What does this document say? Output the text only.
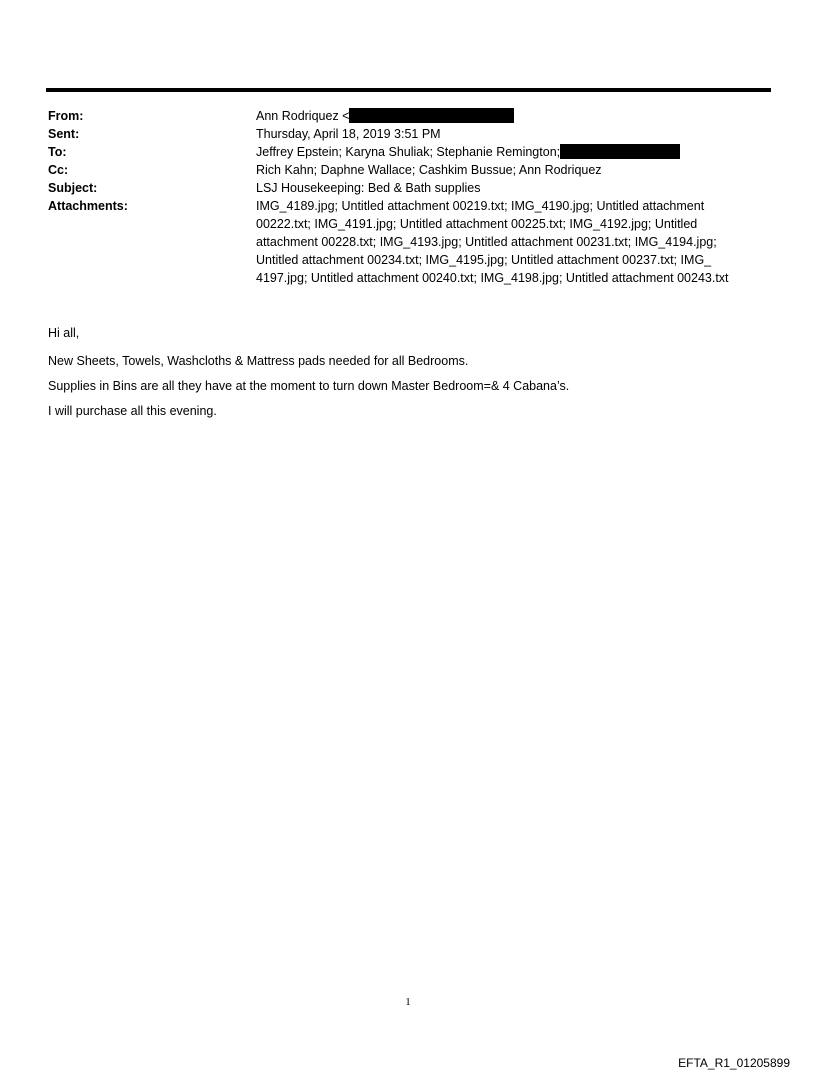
From:	Ann Rodriquez <
Sent:	Thursday, April 18, 2019 3:51 PM
To:	Jeffrey Epstein; Karyna Shuliak; Stephanie Remington;
Cc:	Rich Kahn; Daphne Wallace; Cashkim Bussue; Ann Rodriquez
Subject:	LSJ Housekeeping: Bed & Bath supplies
Attachments:	IMG_4189.jpg; Untitled attachment 00219.txt; IMG_4190.jpg; Untitled attachment
00222.txt; IMG_4191.jpg; Untitled attachment 00225.txt; IMG_4192.jpg; Untitled
attachment 00228.txt; IMG_4193.jpg; Untitled attachment 00231.txt; IMG_4194.jpg;
Untitled attachment 00234.txt; IMG_4195.jpg; Untitled attachment 00237.txt; IMG_
4197.jpg; Untitled attachment 00240.txt; IMG_4198.jpg; Untitled attachment 00243.txt

Hi all,

New Sheets, Towels, Washcloths & Mattress pads needed for all Bedrooms.

Supplies in Bins are all they have at the moment to turn down Master Bedroom=& 4 Cabana’s.

I will purchase all this evening.

1
EFTA_R1_01205899
